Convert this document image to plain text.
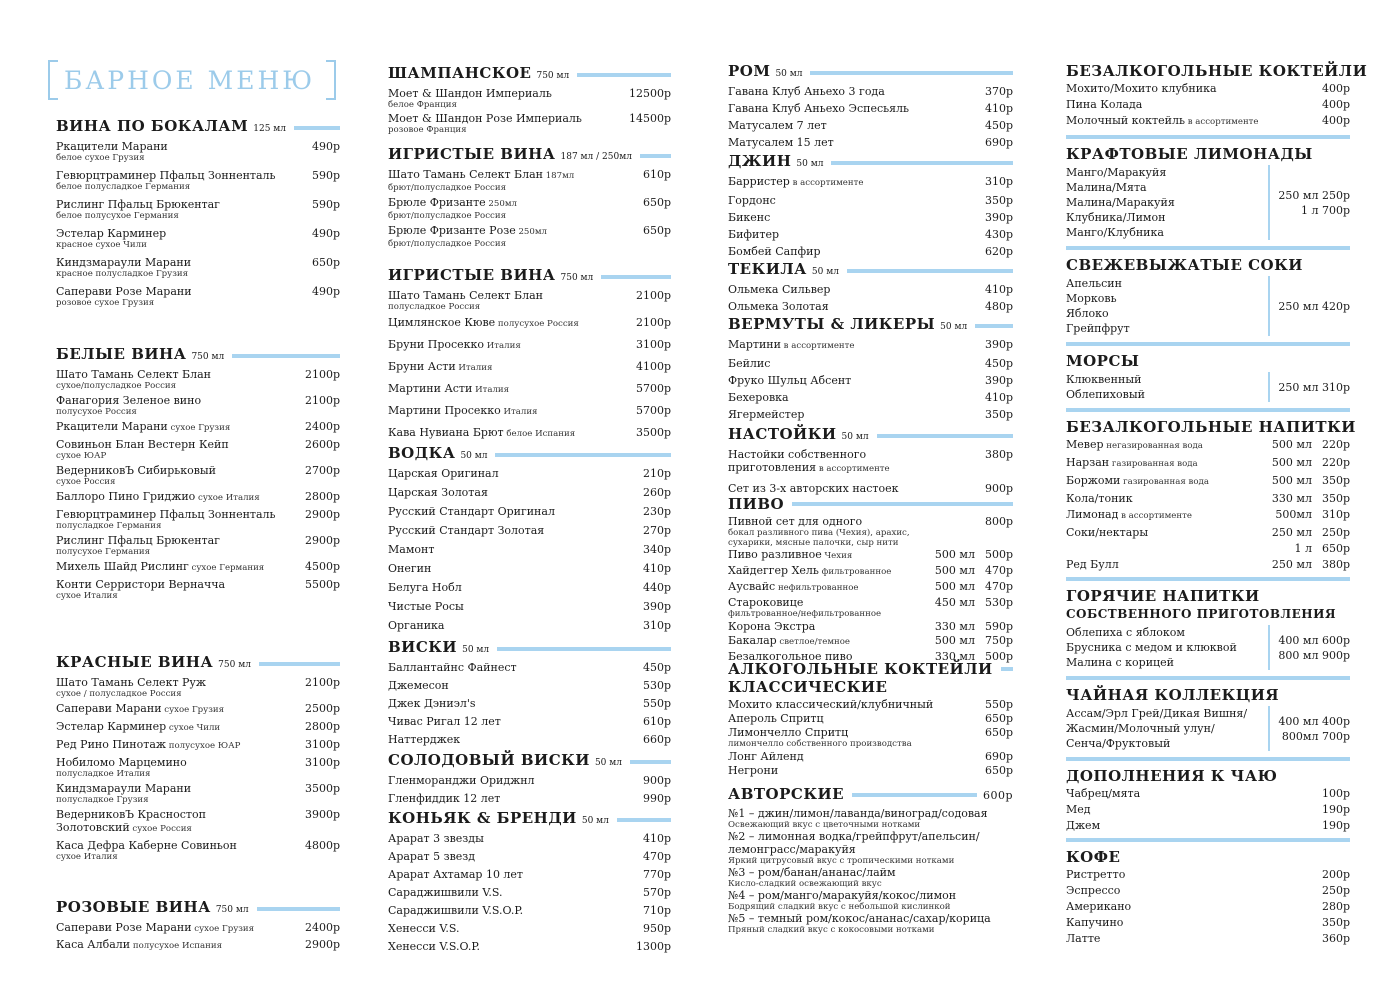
БАРНОЕ МЕНЮ
ВИНА ПО БОКАЛАМ 125 мл
Ркацители Марани	490р
белое сухое Грузия
Гевюрцтраминер Пфальц Зонненталь	590р
белое полусладкое Германия
Рислинг Пфальц Брюкентаг	590р
белое полусухое Германия
Эстелар Карминер	490р
красное сухое Чили
Киндзмараули Марани	650р
красное полусладкое Грузия
Саперави Розе Марани	490р
розовое сухое Грузия
БЕЛЫЕ ВИНА 750 мл
Шато Тамань Селект Блан	2100р
сухое/полусладкое Россия
Фанагория Зеленое вино	2100р
полусухое Россия
Ркацители Марани сухое Грузия	2400р
Совиньон Блан Вестерн Кейп	2600р
сухое ЮАР
ВедерниковЪ Сибирьковый	2700р
сухое Россия
Баллоро Пино Гриджио сухое Италия	2800р
Гевюрцтраминер Пфальц Зонненталь	2900р
полусладкое Германия
Рислинг Пфальц Брюкентаг	2900р
полусухое Германия
Михель Шайд Рислинг сухое Германия	4500р
Конти Серристори Верначча	5500р
сухое Италия
КРАСНЫЕ ВИНА 750 мл
Шато Тамань Селект Руж	2100р
сухое / полусладкое Россия
Саперави Марани сухое Грузия	2500р
Эстелар Карминер сухое Чили	2800р
Ред Рино Пинотаж полусухое ЮАР	3100р
Нобиломо Марцемино	3100р
полусладкое Италия
Киндзмараули Марани	3500р
полусладкое Грузия
ВедерниковЪ Красностоп	3900р
Золотовский сухое Россия
Каса Дефра Каберне Совиньон	4800р
сухое Италия
РОЗОВЫЕ ВИНА 750 мл
Саперави Розе Марани сухое Грузия	2400р
Каса Албали полусухое Испания	2900р
ШАМПАНСКОЕ 750 мл
Моет & Шандон Империаль	12500р
белое Франция
Моет & Шандон Розе Империаль	14500р
розовое Франция
ИГРИСТЫЕ ВИНА 187 мл / 250мл
Шато Тамань Селект Блан 187мл	610р
брют/полусладкое Россия
Брюле Фризанте 250мл	650р
брют/полусладкое Россия
Брюле Фризанте Розе 250мл	650р
брют/полусладкое Россия
ИГРИСТЫЕ ВИНА 750 мл
Шато Тамань Селект Блан	2100р
полусладкое Россия
Цимлянское Кюве полусухое Россия	2100р
Бруни Просекко Италия	3100р
Бруни Асти Италия	4100р
Мартини Асти Италия	5700р
Мартини Просекко Италия	5700р
Кава Нувиана Брют белое Испания	3500р
ВОДКА 50 мл
Царская Оригинал	210р
Царская Золотая	260р
Русский Стандарт Оригинал	230р
Русский Стандарт Золотая	270р
Мамонт	340р
Онегин	410р
Белуга Нобл	440р
Чистые Росы	390р
Органика	310р
ВИСКИ 50 мл
Баллантайнс Файнест	450р
Джемесон	530р
Джек Дэниэл's	550р
Чивас Ригал 12 лет	610р
Наттерджек	660р
СОЛОДОВЫЙ ВИСКИ 50 мл
Гленморанджи Ориджнл	900р
Гленфиддик 12 лет	990р
КОНЬЯК & БРЕНДИ 50 мл
Арарат 3 звезды	410р
Арарат 5 звезд	470р
Арарат Ахтамар 10 лет	770р
Сараджишвили V.S.	570р
Сараджишвили V.S.O.P.	710р
Хенесси V.S.	950р
Хенесси V.S.O.P.	1300р
РОМ 50 мл
Гавана Клуб Аньехо 3 года	370р
Гавана Клуб Аньехо Эспесьяль	410р
Матусалем 7 лет	450р
Матусалем 15 лет	690р
ДЖИН 50 мл
Барристер в ассортименте	310р
Гордонс	350р
Бикенс	390р
Бифитер	430р
Бомбей Сапфир	620р
ТЕКИЛА 50 мл
Ольмека Сильвер	410р
Ольмека Золотая	480р
ВЕРМУТЫ & ЛИКЕРЫ 50 мл
Мартини в ассортименте	390р
Бейлис	450р
Фруко Шульц Абсент	390р
Бехеровка	410р
Ягермейстер	350р
НАСТОЙКИ 50 мл
Настойки собственного	380р
приготовления в ассортименте
Сет из 3-х авторских настоек	900р
ПИВО
Пивной сет для одного	800р
бокал разливного пива (Чехия), арахис,
сухарики, мясные палочки, сыр нити
Пиво разливное Чехия	500 мл 500р
Хайдеггер Хель фильтрованное	500 мл 470р
Аусвайс нефильтрованное	500 мл 470р
Староковице	450 мл 530р
фильтрованное/нефильтрованное
Корона Экстра	330 мл 590р
Бакалар светлое/темное	500 мл 750р
Безалкогольное пиво	330 мл 500р
АЛКОГОЛЬНЫЕ КОКТЕЙЛИ
КЛАССИЧЕСКИЕ
Мохито классический/клубничный	550р
Апероль Спритц	650р
Лимончелло Спритц	650р
лимончелло собственного производства
Лонг Айленд	690р
Негрони	650р
АВТОРСКИЕ	600р
№1 – джин/лимон/лаванда/виноград/содовая
Освежающий вкус с цветочными нотками
№2 – лимонная водка/грейпфрут/апельсин/
лемонграсс/маракуйя
Яркий цитрусовый вкус с тропическими нотками
№3 – ром/банан/ананас/лайм
Кисло-сладкий освежающий вкус
№4 – ром/манго/маракуйя/кокос/лимон
Бодрящий сладкий вкус с небольшой кислинкой
№5 – темный ром/кокос/ананас/сахар/корица
Пряный сладкий вкус с кокосовыми нотками
БЕЗАЛКОГОЛЬНЫЕ КОКТЕЙЛИ
Мохито/Мохито клубника	400р
Пина Колада	400р
Молочный коктейль в ассортименте	400р
КРАФТОВЫЕ ЛИМОНАДЫ
Манго/Маракуйя
Малина/Мята
Малина/Маракуйя
Клубника/Лимон
Манго/Клубника
250 мл 250р
1 л 700р
СВЕЖЕВЫЖАТЫЕ СОКИ
Апельсин
Морковь
Яблоко
Грейпфрут
250 мл 420р
МОРСЫ
Клюквенный
Облепиховый
250 мл 310р
БЕЗАЛКОГОЛЬНЫЕ НАПИТКИ
Мевер негазированная вода	500 мл 220р
Нарзан газированная вода	500 мл 220р
Боржоми газированная вода	500 мл 350р
Кола/тоник	330 мл 350р
Лимонад в ассортименте	500мл 310р
Соки/нектары	250 мл 250р
1 л 650р
Ред Булл	250 мл 380р
ГОРЯЧИЕ НАПИТКИ
СОБСТВЕННОГО ПРИГОТОВЛЕНИЯ
Облепиха с яблоком
Брусника с медом и клюквой
Малина с корицей
400 мл 600р
800 мл 900р
ЧАЙНАЯ КОЛЛЕКЦИЯ
Ассам/Эрл Грей/Дикая Вишня/
Жасмин/Молочный улун/
Сенча/Фруктовый
400 мл 400р
800мл 700р
ДОПОЛНЕНИЯ К ЧАЮ
Чабрец/мята	100р
Мед	190р
Джем	190р
КОФЕ
Ристретто	200р
Эспрессо	250р
Американо	280р
Капучино	350р
Латте	360р
